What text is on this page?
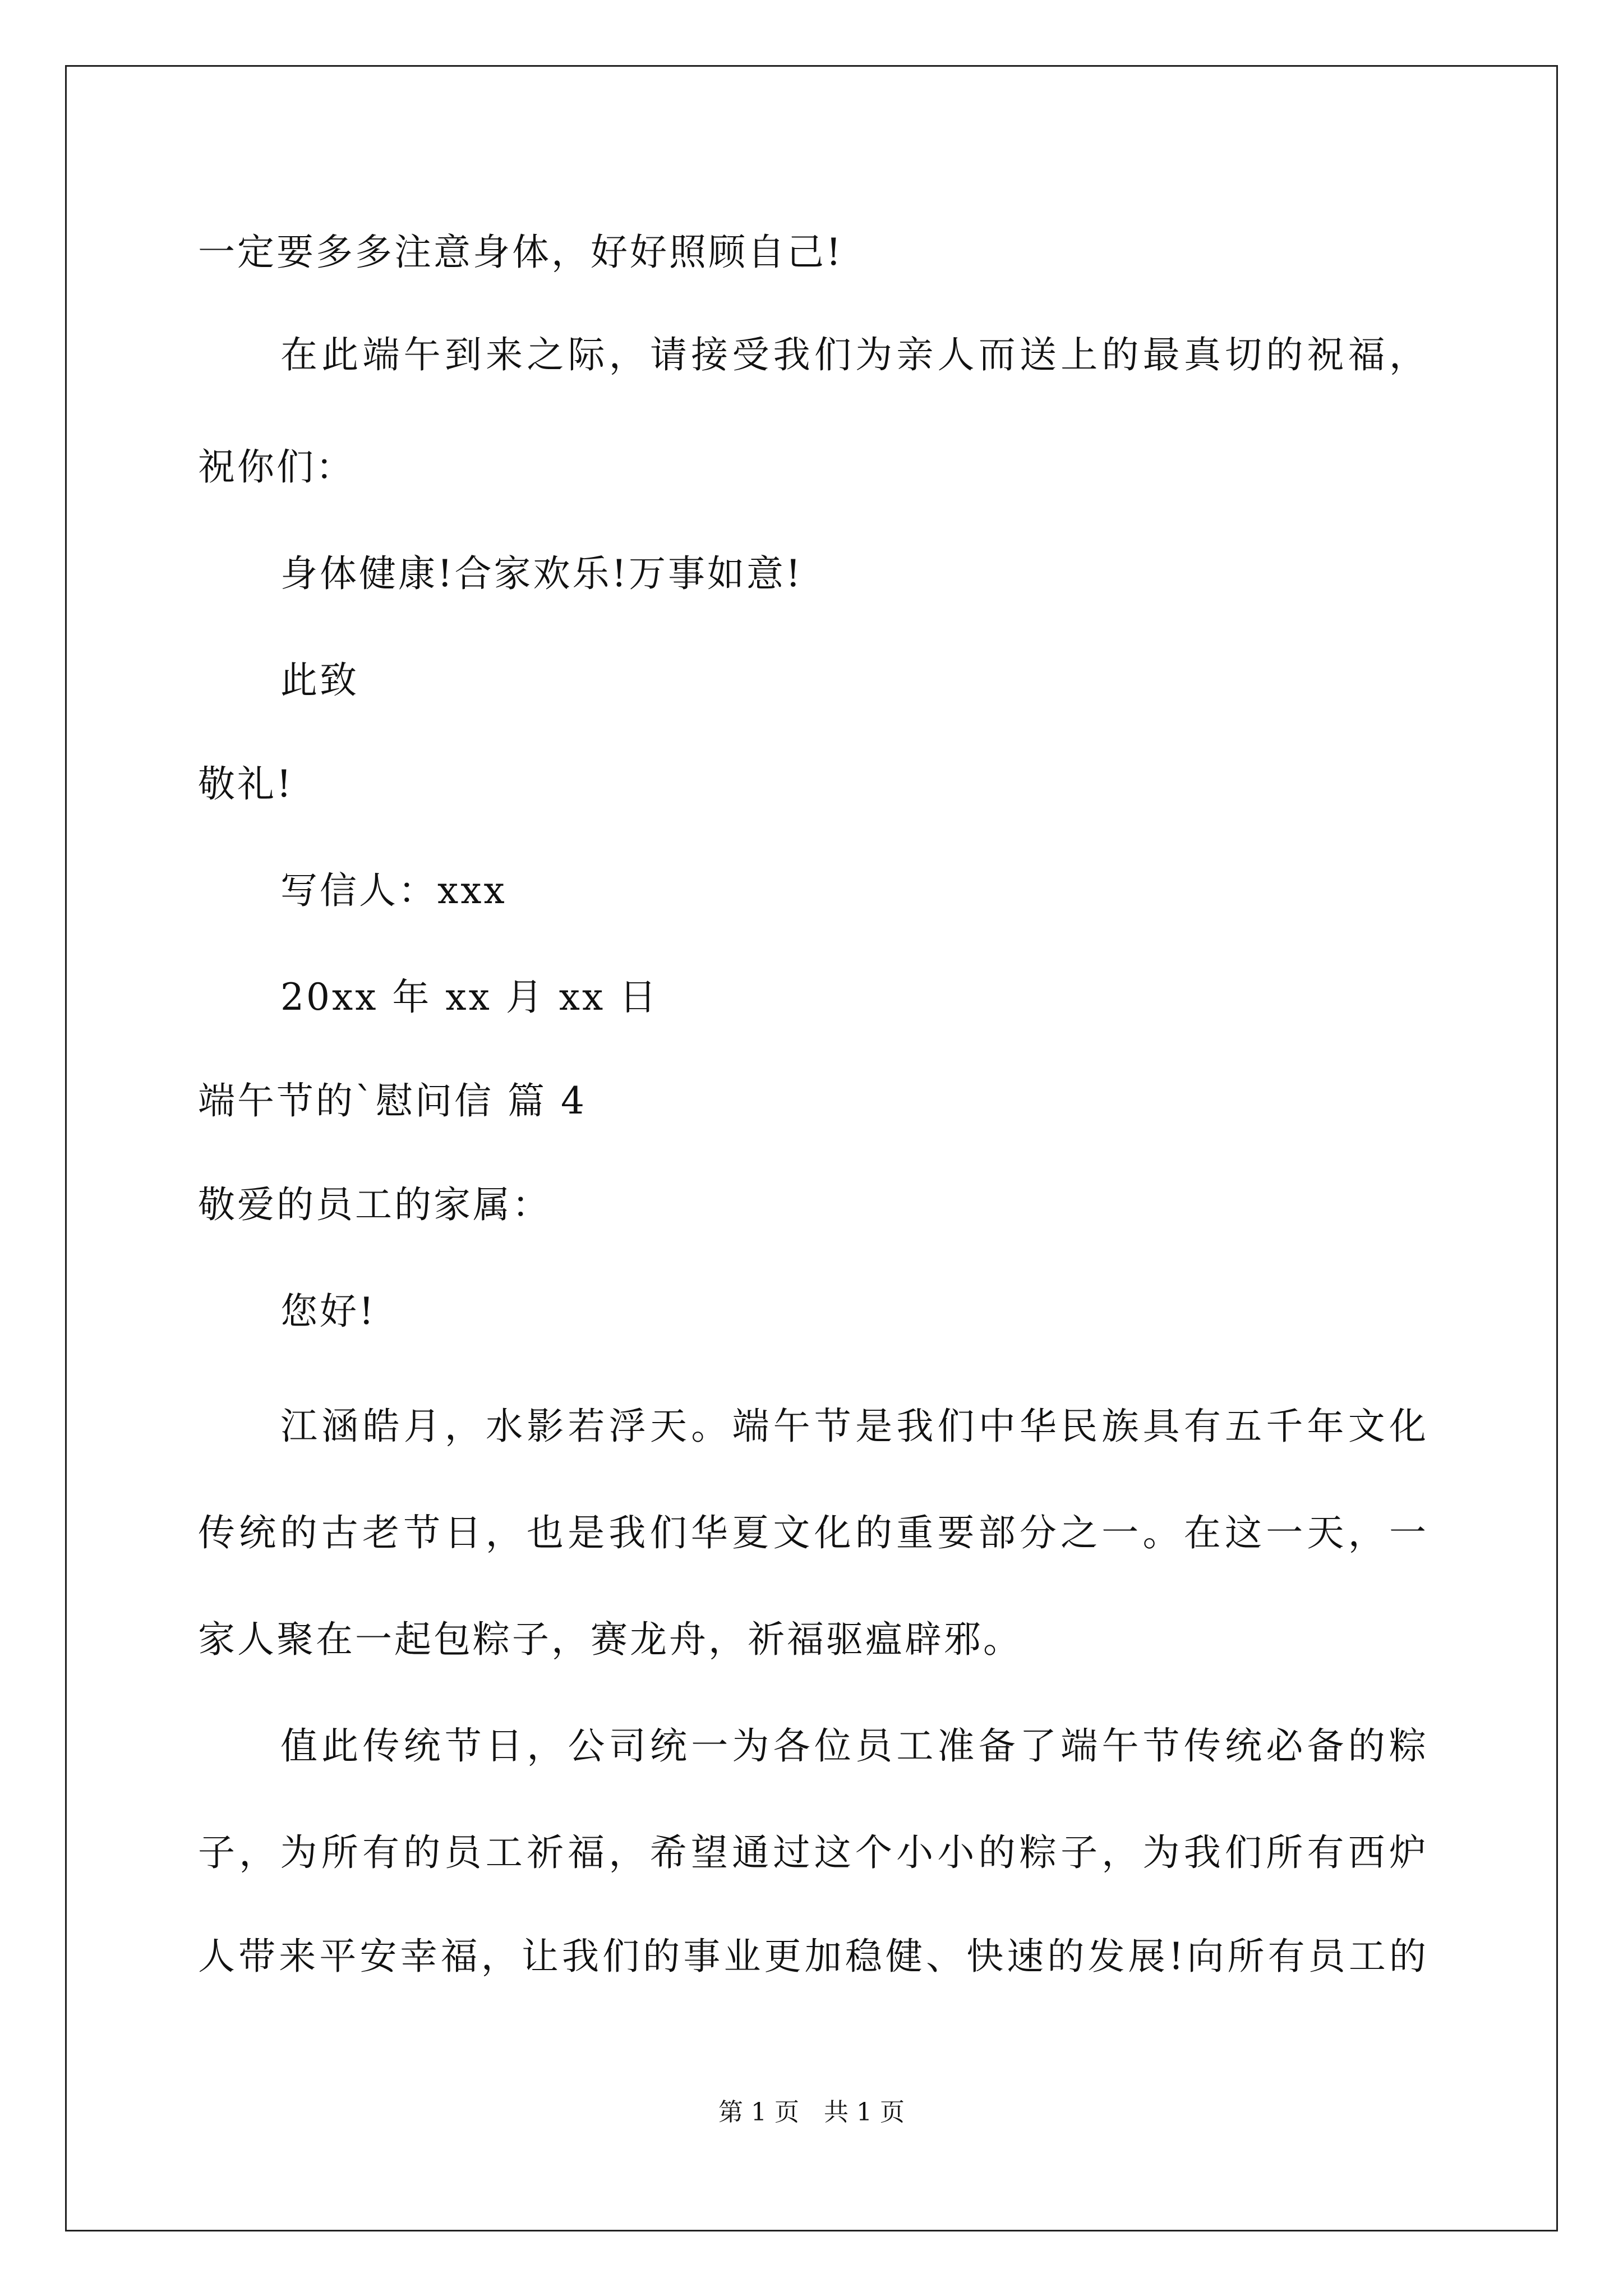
一定要多多注意身体，好好照顾自己!
在此端午到来之际，请接受我们为亲人而送上的最真切的祝福，
祝你们：
身体健康!合家欢乐!万事如意!
此致
敬礼!
写信人：xxx
20xx 年 xx 月 xx 日
端午节的`慰问信 篇 4
敬爱的员工的家属：
您好!
江涵皓月，水影若浮天。端午节是我们中华民族具有五千年文化
传统的古老节日，也是我们华夏文化的重要部分之一。在这一天，一
家人聚在一起包粽子，赛龙舟，祈福驱瘟辟邪。
值此传统节日，公司统一为各位员工准备了端午节传统必备的粽
子，为所有的员工祈福，希望通过这个小小的粽子，为我们所有西炉
人带来平安幸福，让我们的事业更加稳健、快速的发展!向所有员工的
第 1 页　共 1 页
